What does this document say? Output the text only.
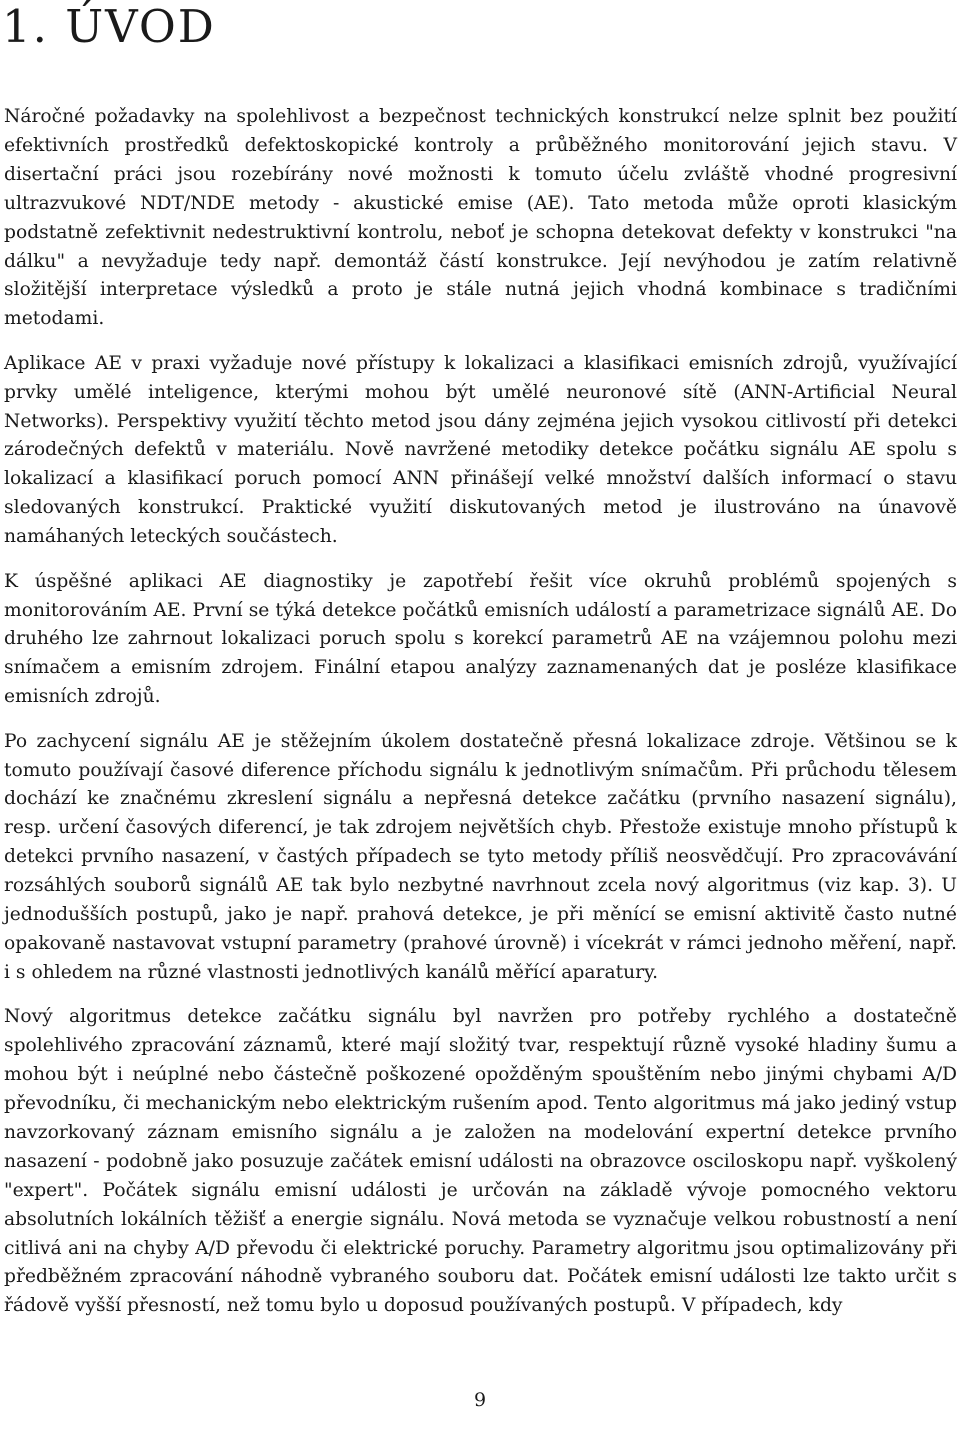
1. ÚVOD

Náročné požadavky na spolehlivost a bezpečnost technických konstrukcí nelze splnit bez použití efektivních prostředků defektoskopické kontroly a průběžného monitorování jejich stavu. V disertační práci jsou rozebírány nové možnosti k tomuto účelu zvláště vhodné progresivní ultrazvukové NDT/NDE metody - akustické emise (AE). Tato metoda může oproti klasickým podstatně zefektivnit nedestruktivní kontrolu, neboť je schopna detekovat defekty v konstrukci "na dálku" a nevyžaduje tedy např. demontáž částí konstrukce. Její nevýhodou je zatím relativně složitější interpretace výsledků a proto je stále nutná jejich vhodná kombinace s tradičními metodami.

Aplikace AE v praxi vyžaduje nové přístupy k lokalizaci a klasifikaci emisních zdrojů, využívající prvky umělé inteligence, kterými mohou být umělé neuronové sítě (ANN-Artificial Neural Networks). Perspektivy využití těchto metod jsou dány zejména jejich vysokou citlivostí při detekci zárodečných defektů v materiálu. Nově navržené metodiky detekce počátku signálu AE spolu s lokalizací a klasifikací poruch pomocí ANN přinášejí velké množství dalších informací o stavu sledovaných konstrukcí. Praktické využití diskutovaných metod je ilustrováno na únavově namáhaných leteckých součástech.

K úspěšné aplikaci AE diagnostiky je zapotřebí řešit více okruhů problémů spojených s monitorováním AE. První se týká detekce počátků emisních událostí a parametrizace signálů AE. Do druhého lze zahrnout lokalizaci poruch spolu s korekcí parametrů AE na vzájemnou polohu mezi snímačem a emisním zdrojem. Finální etapou analýzy zaznamenaných dat je posléze klasifikace emisních zdrojů.

Po zachycení signálu AE je stěžejním úkolem dostatečně přesná lokalizace zdroje. Většinou se k tomuto používají časové diference příchodu signálu k jednotlivým snímačům. Při průchodu tělesem dochází ke značnému zkreslení signálu a nepřesná detekce začátku (prvního nasazení signálu), resp. určení časových diferencí, je tak zdrojem největších chyb. Přestože existuje mnoho přístupů k detekci prvního nasazení, v častých případech se tyto metody příliš neosvědčují. Pro zpracovávání rozsáhlých souborů signálů AE tak bylo nezbytné navrhnout zcela nový algoritmus (viz kap. 3). U jednodušších postupů, jako je např. prahová detekce, je při měnící se emisní aktivitě často nutné opakovaně nastavovat vstupní parametry (prahové úrovně) i vícekrát v rámci jednoho měření, např. i s ohledem na různé vlastnosti jednotlivých kanálů měřící aparatury.

Nový algoritmus detekce začátku signálu byl navržen pro potřeby rychlého a dostatečně spolehlivého zpracování záznamů, které mají složitý tvar, respektují různě vysoké hladiny šumu a mohou být i neúplné nebo částečně poškozené opožděným spouštěním nebo jinými chybami A/D převodníku, či mechanickým nebo elektrickým rušením apod. Tento algoritmus má jako jediný vstup navzorkovaný záznam emisního signálu a je založen na modelování expertní detekce prvního nasazení - podobně jako posuzuje začátek emisní události na obrazovce osciloskopu např. vyškolený "expert". Počátek signálu emisní události je určován na základě vývoje pomocného vektoru absolutních lokálních těžišť a energie signálu. Nová metoda se vyznačuje velkou robustností a není citlivá ani na chyby A/D převodu či elektrické poruchy. Parametry algoritmu jsou optimalizovány při předběžném zpracování náhodně vybraného souboru dat. Počátek emisní události lze takto určit s řádově vyšší přesností, než tomu bylo u doposud používaných postupů. V případech, kdy

9
